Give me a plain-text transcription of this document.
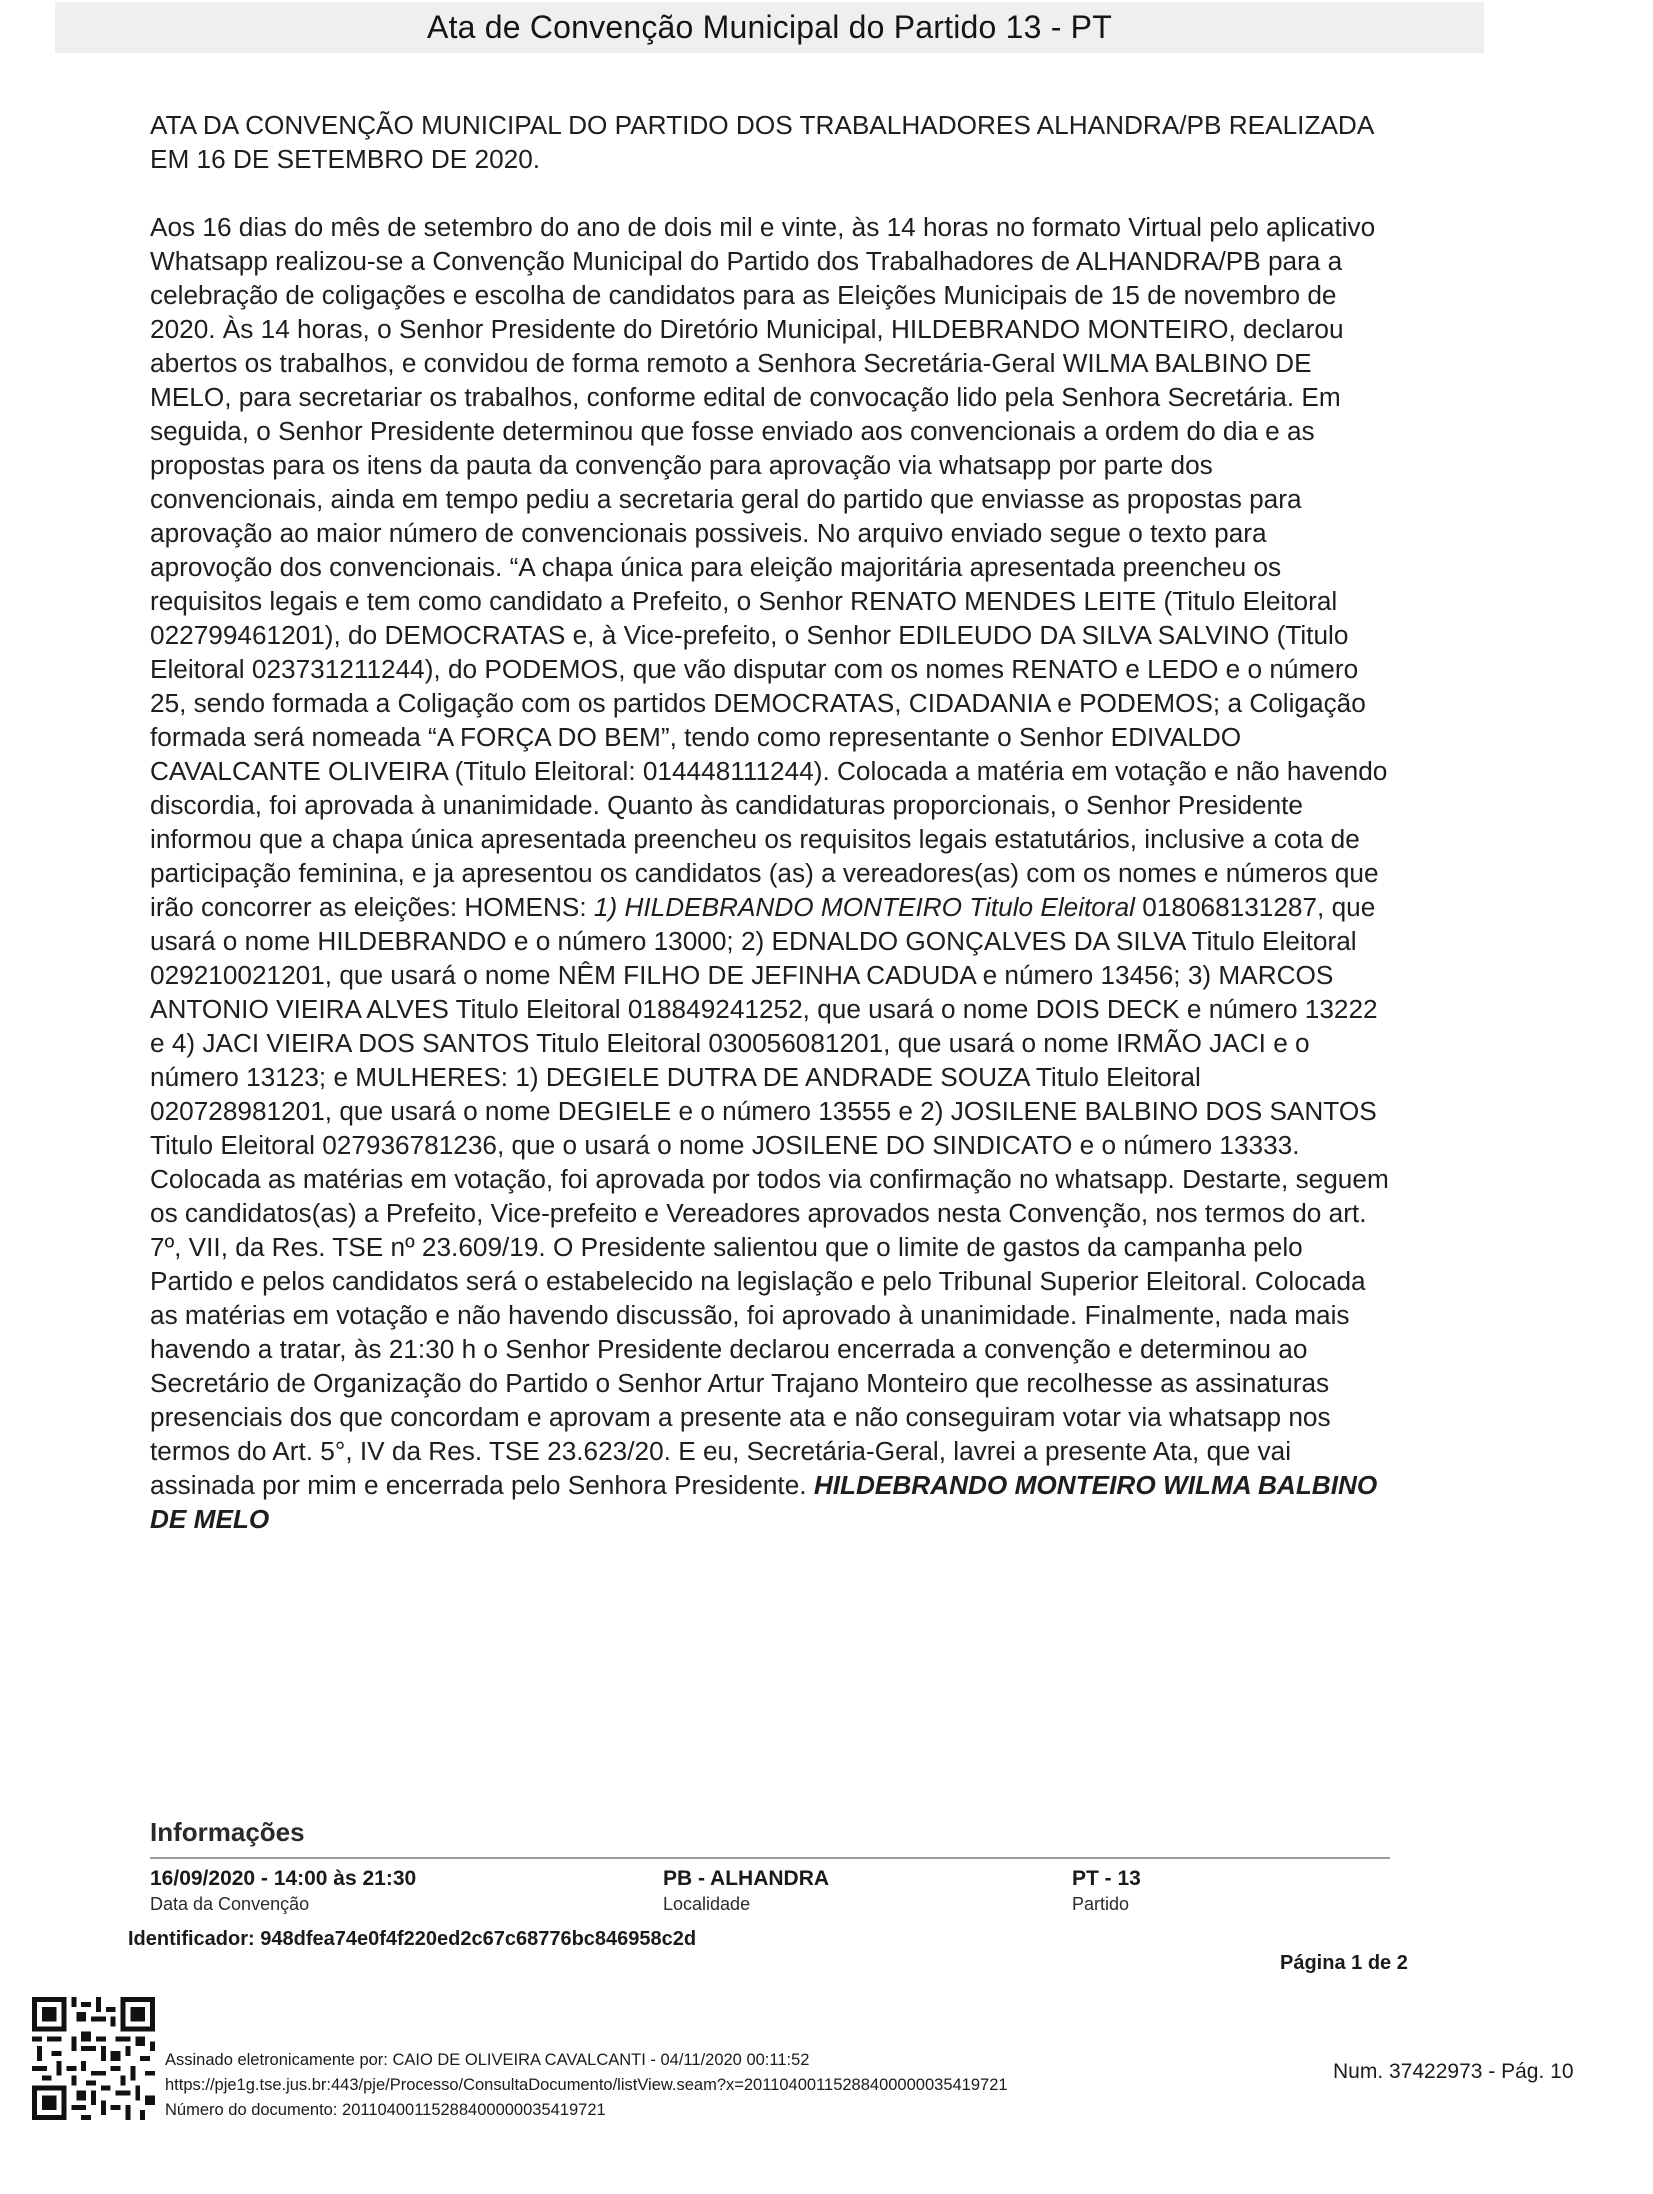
Ata de Convenção Municipal do Partido 13 - PT

ATA DA CONVENÇÃO MUNICIPAL DO PARTIDO DOS TRABALHADORES ALHANDRA/PB REALIZADA EM 16 DE SETEMBRO DE 2020.

Aos 16 dias do mês de setembro do ano de dois mil e vinte, às 14 horas no formato Virtual pelo aplicativo Whatsapp realizou-se a Convenção Municipal do Partido dos Trabalhadores de ALHANDRA/PB para a celebração de coligações e escolha de candidatos para as Eleições Municipais de 15 de novembro de 2020. Às 14 horas, o Senhor Presidente do Diretório Municipal, HILDEBRANDO MONTEIRO, declarou abertos os trabalhos, e convidou de forma remoto a Senhora Secretária-Geral WILMA BALBINO DE MELO, para secretariar os trabalhos, conforme edital de convocação lido pela Senhora Secretária. Em seguida, o Senhor Presidente determinou que fosse enviado aos convencionais a ordem do dia e as propostas para os itens da pauta da convenção para aprovação via whatsapp por parte dos convencionais, ainda em tempo pediu a secretaria geral do partido que enviasse as propostas para aprovação ao maior número de convencionais possiveis. No arquivo enviado segue o texto para aprovoção dos convencionais. “A chapa única para eleição majoritária apresentada preencheu os requisitos legais e tem como candidato a Prefeito, o Senhor RENATO MENDES LEITE (Titulo Eleitoral 022799461201), do DEMOCRATAS e, à Vice-prefeito, o Senhor EDILEUDO DA SILVA SALVINO (Titulo Eleitoral 023731211244), do PODEMOS, que vão disputar com os nomes RENATO e LEDO e o número 25, sendo formada a Coligação com os partidos DEMOCRATAS, CIDADANIA e PODEMOS; a Coligação formada será nomeada “A FORÇA DO BEM”, tendo como representante o Senhor EDIVALDO CAVALCANTE OLIVEIRA (Titulo Eleitoral: 014448111244). Colocada a matéria em votação e não havendo discordia, foi aprovada à unanimidade. Quanto às candidaturas proporcionais, o Senhor Presidente informou que a chapa única apresentada preencheu os requisitos legais estatutários, inclusive a cota de participação feminina, e ja apresentou os candidatos (as) a vereadores(as) com os nomes e números que irão concorrer as eleições: HOMENS: 1) HILDEBRANDO MONTEIRO Titulo Eleitoral 018068131287, que usará o nome HILDEBRANDO e o número 13000; 2) EDNALDO GONÇALVES DA SILVA Titulo Eleitoral 029210021201, que usará o nome NÊM FILHO DE JEFINHA CADUDA e número 13456; 3) MARCOS ANTONIO VIEIRA ALVES Titulo Eleitoral 018849241252, que usará o nome DOIS DECK e número 13222 e 4) JACI VIEIRA DOS SANTOS Titulo Eleitoral 030056081201, que usará o nome IRMÃO JACI e o número 13123; e MULHERES: 1) DEGIELE DUTRA DE ANDRADE SOUZA Titulo Eleitoral 020728981201, que usará o nome DEGIELE e o número 13555 e 2) JOSILENE BALBINO DOS SANTOS Titulo Eleitoral 027936781236, que o usará o nome JOSILENE DO SINDICATO e o número 13333. Colocada as matérias em votação, foi aprovada por todos via confirmação no whatsapp. Destarte, seguem os candidatos(as) a Prefeito, Vice-prefeito e Vereadores aprovados nesta Convenção, nos termos do art. 7º, VII, da Res. TSE nº 23.609/19. O Presidente salientou que o limite de gastos da campanha pelo Partido e pelos candidatos será o estabelecido na legislação e pelo Tribunal Superior Eleitoral. Colocada as matérias em votação e não havendo discussão, foi aprovado à unanimidade. Finalmente, nada mais havendo a tratar, às 21:30 h o Senhor Presidente declarou encerrada a convenção e determinou ao Secretário de Organização do Partido o Senhor Artur Trajano Monteiro que recolhesse as assinaturas presenciais dos que concordam e aprovam a presente ata e não conseguiram votar via whatsapp nos termos do Art. 5°, IV da Res. TSE 23.623/20. E eu, Secretária-Geral, lavrei a presente Ata, que vai assinada por mim e encerrada pelo Senhora Presidente. HILDEBRANDO MONTEIRO WILMA BALBINO DE MELO

Informações
16/09/2020 - 14:00 às 21:30
Data da Convenção
PB - ALHANDRA
Localidade
PT - 13
Partido
Identificador: 948dfea74e0f4f220ed2c67c68776bc846958c2d
Página 1 de 2
Assinado eletronicamente por: CAIO DE OLIVEIRA CAVALCANTI - 04/11/2020 00:11:52
https://pje1g.tse.jus.br:443/pje/Processo/ConsultaDocumento/listView.seam?x=20110400115288400000035419721
Número do documento: 20110400115288400000035419721
Num. 37422973 - Pág. 10
